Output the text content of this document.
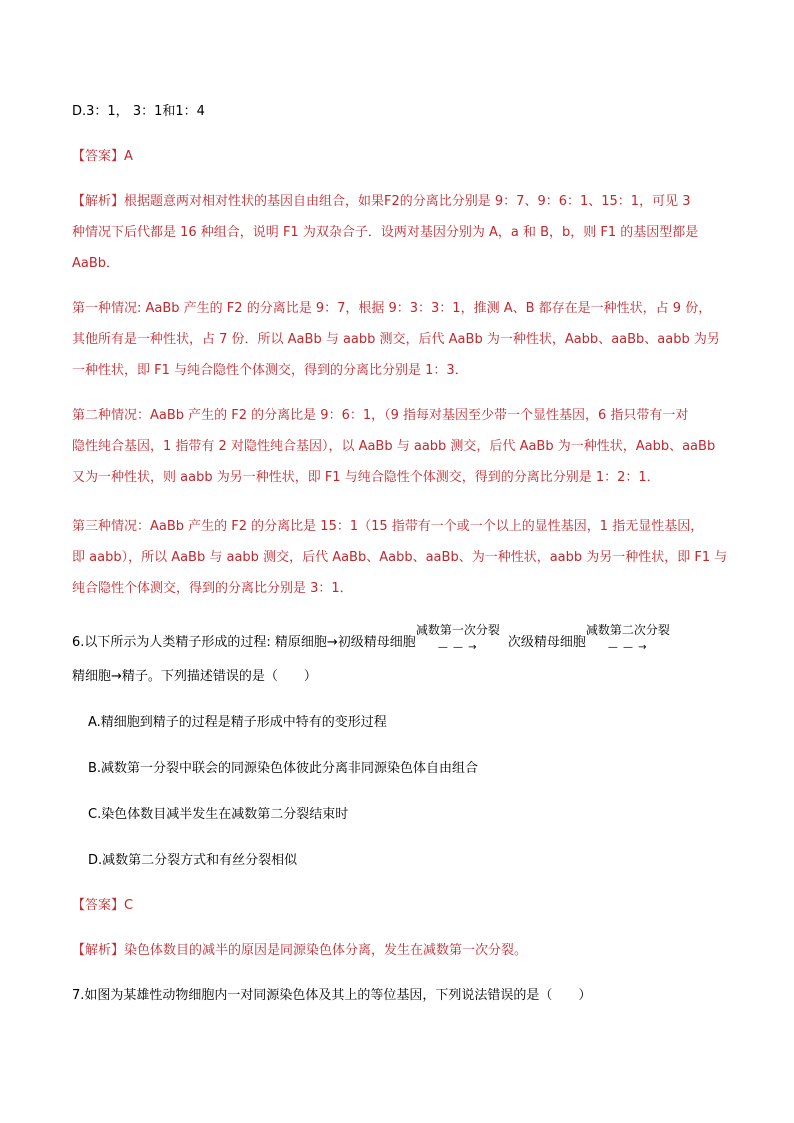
D.3：1， 3：1和1：4
【答案】A
【解析】根据题意两对相对性状的基因自由组合，如果F2的分离比分别是 9：7、9：6：1、15：1，可见 3
种情况下后代都是 16 种组合，说明 F1 为双杂合子．设两对基因分别为 A，a 和 B，b，则 F1 的基因型都是
AaBb．
第一种情况: AaBb 产生的 F2 的分离比是 9：7，根据 9：3：3：1，推测 A、B 都存在是一种性状，占 9 份，
其他所有是一种性状，占 7 份．所以 AaBb 与 aabb 测交，后代 AaBb 为一种性状，Aabb、aaBb、aabb 为另
一种性状，即 F1 与纯合隐性个体测交，得到的分离比分别是 1：3．
第二种情况：AaBb 产生的 F2 的分离比是 9：6：1，（9 指每对基因至少带一个显性基因，6 指只带有一对
隐性纯合基因，1 指带有 2 对隐性纯合基因），以 AaBb 与 aabb 测交，后代 AaBb 为一种性状，Aabb、aaBb
又为一种性状，则 aabb 为另一种性状，即 F1 与纯合隐性个体测交，得到的分离比分别是 1：2：1．
第三种情况：AaBb 产生的 F2 的分离比是 15：1（15 指带有一个或一个以上的显性基因，1 指无显性基因，
即 aabb），所以 AaBb 与 aabb 测交，后代 AaBb、Aabb、aaBb、为一种性状，aabb 为另一种性状，即 F1 与
纯合隐性个体测交，得到的分离比分别是 3：1．
6.以下所示为人类精子形成的过程: 精原细胞→初级精母细胞
减数第一次分裂
— — → 次级精母细胞
减数第二次分裂
— — →
精细胞→精子。下列描述错误的是（　　）
A.精细胞到精子的过程是精子形成中特有的变形过程
B.减数第一分裂中联会的同源染色体彼此分离非同源染色体自由组合
C.染色体数目减半发生在减数第二分裂结束时
D.减数第二分裂方式和有丝分裂相似
【答案】C
【解析】染色体数目的减半的原因是同源染色体分离，发生在减数第一次分裂。
7.如图为某雄性动物细胞内一对同源染色体及其上的等位基因，下列说法错误的是（　　）
